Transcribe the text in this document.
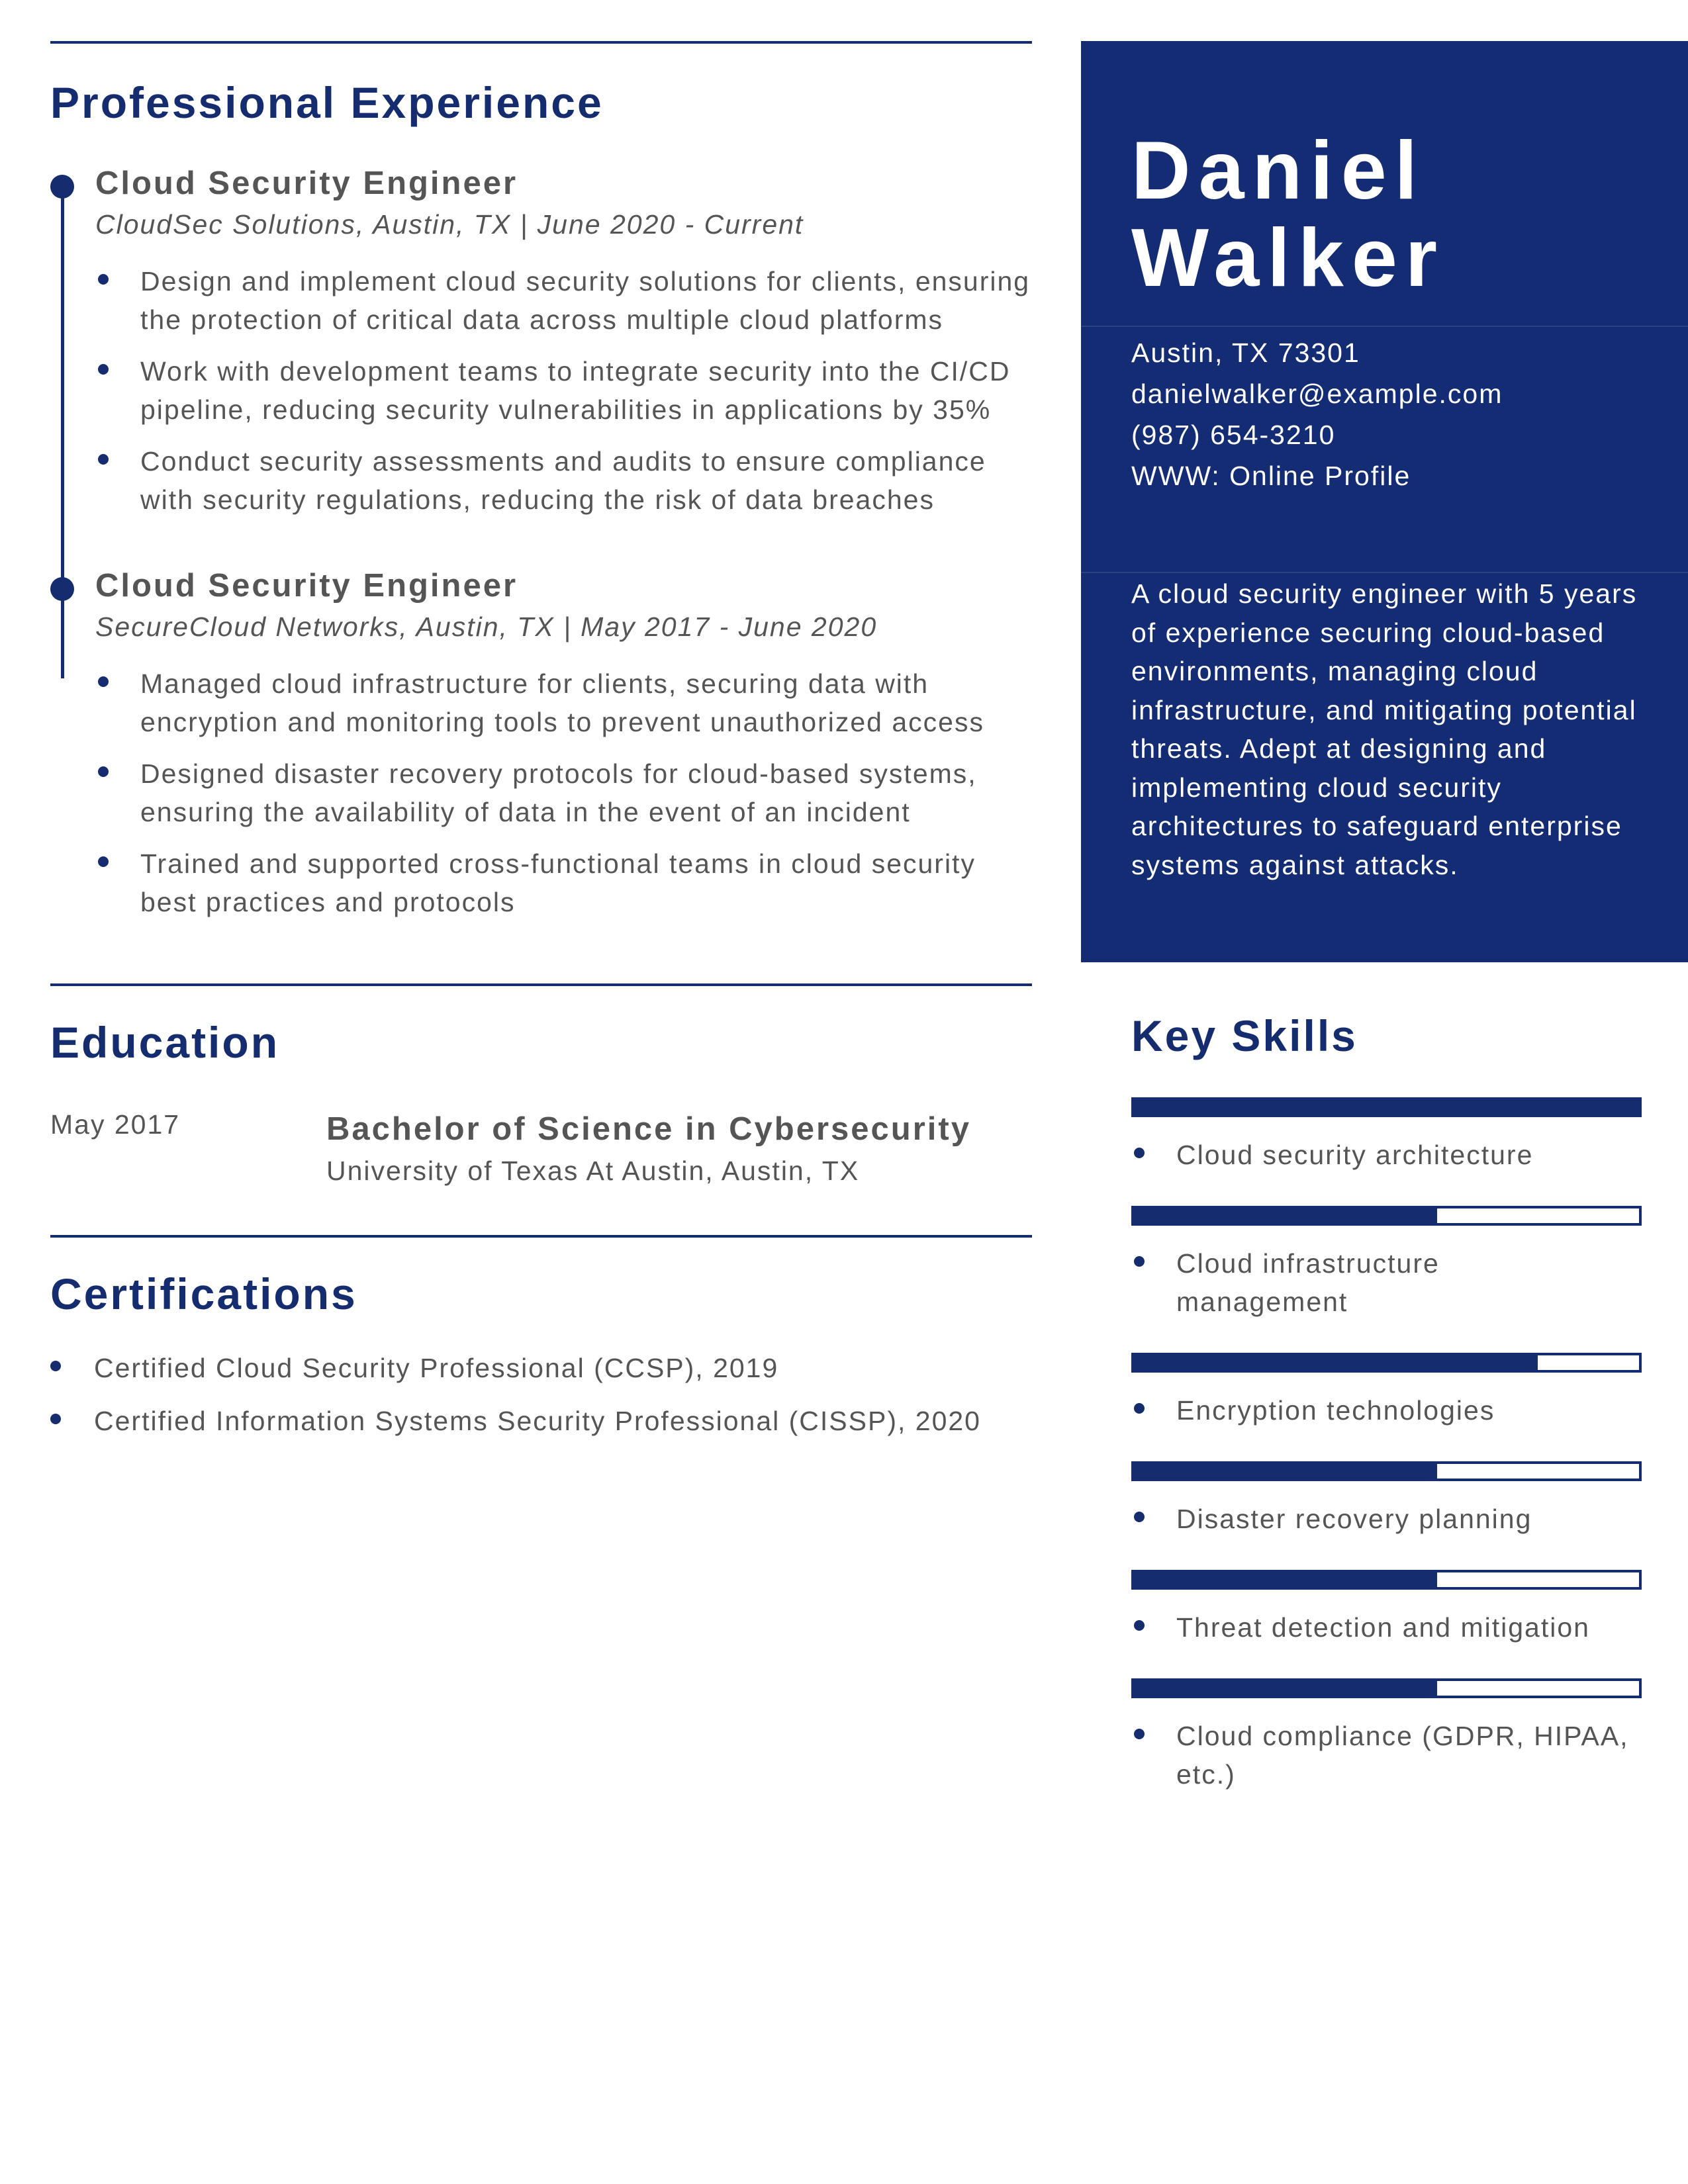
Professional Experience
Cloud Security Engineer
CloudSec Solutions, Austin, TX | June 2020 - Current
Design and implement cloud security solutions for clients, ensuring the protection of critical data across multiple cloud platforms
Work with development teams to integrate security into the CI/CD pipeline, reducing security vulnerabilities in applications by 35%
Conduct security assessments and audits to ensure compliance with security regulations, reducing the risk of data breaches
Cloud Security Engineer
SecureCloud Networks, Austin, TX | May 2017 - June 2020
Managed cloud infrastructure for clients, securing data with encryption and monitoring tools to prevent unauthorized access
Designed disaster recovery protocols for cloud-based systems, ensuring the availability of data in the event of an incident
Trained and supported cross-functional teams in cloud security best practices and protocols
Education
May 2017	Bachelor of Science in Cybersecurity
University of Texas At Austin, Austin, TX
Certifications
Certified Cloud Security Professional (CCSP), 2019
Certified Information Systems Security Professional (CISSP), 2020
Daniel
Walker
Austin, TX 73301
danielwalker@example.com
(987) 654-3210
WWW: Online Profile
A cloud security engineer with 5 years of experience securing cloud-based environments, managing cloud infrastructure, and mitigating potential threats. Adept at designing and implementing cloud security architectures to safeguard enterprise systems against attacks.
Key Skills
Cloud security architecture
Cloud infrastructure management
Encryption technologies
Disaster recovery planning
Threat detection and mitigation
Cloud compliance (GDPR, HIPAA, etc.)
